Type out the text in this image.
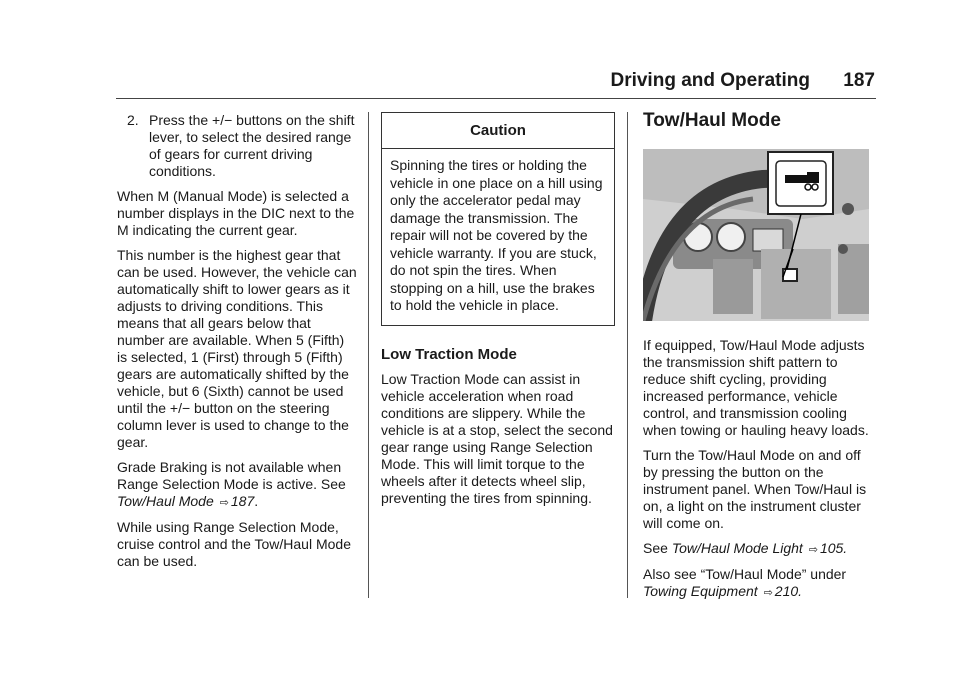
Driving and Operating	187
2. Press the +/− buttons on the shift lever, to select the desired range of gears for current driving conditions.

When M (Manual Mode) is selected a number displays in the DIC next to the M indicating the current gear.

This number is the highest gear that can be used. However, the vehicle can automatically shift to lower gears as it adjusts to driving conditions. This means that all gears below that number are available. When 5 (Fifth) is selected, 1 (First) through 5 (Fifth) gears are automatically shifted by the vehicle, but 6 (Sixth) cannot be used until the +/− button on the steering column lever is used to change to the gear.

Grade Braking is not available when Range Selection Mode is active. See Tow/Haul Mode ⇨ 187.

While using Range Selection Mode, cruise control and the Tow/Haul Mode can be used.

Caution
Spinning the tires or holding the vehicle in one place on a hill using only the accelerator pedal may damage the transmission. The repair will not be covered by the vehicle warranty. If you are stuck, do not spin the tires. When stopping on a hill, use the brakes to hold the vehicle in place.
Low Traction Mode

Low Traction Mode can assist in vehicle acceleration when road conditions are slippery. While the vehicle is at a stop, select the second gear range using Range Selection Mode. This will limit torque to the wheels after it detects wheel slip, preventing the tires from spinning.

Tow/Haul Mode

If equipped, Tow/Haul Mode adjusts the transmission shift pattern to reduce shift cycling, providing increased performance, vehicle control, and transmission cooling when towing or hauling heavy loads.

Turn the Tow/Haul Mode on and off by pressing the button on the instrument panel. When Tow/Haul is on, a light on the instrument cluster will come on.

See Tow/Haul Mode Light ⇨ 105.

Also see “Tow/Haul Mode” under Towing Equipment ⇨ 210.
